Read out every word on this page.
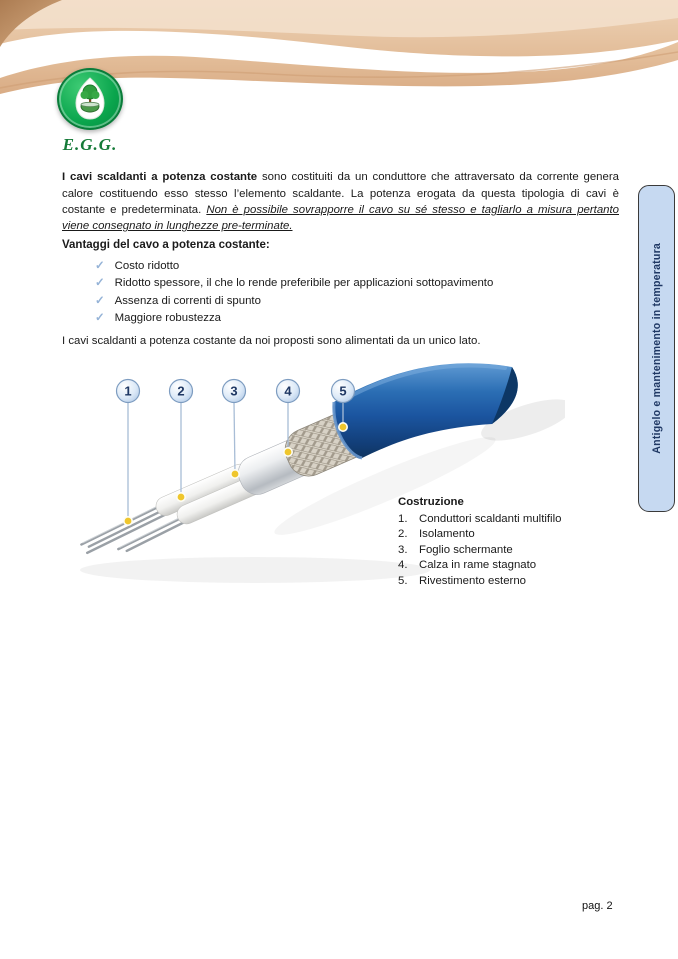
E.G.G.

I cavi scaldanti a potenza costante sono costituiti da un conduttore che attraversato da corrente genera calore costituendo esso stesso l’elemento scaldante. La potenza erogata da questa tipologia di cavi è costante e predeterminata. Non è possibile sovrapporre il cavo su sé stesso e tagliarlo a misura pertanto viene consegnato in lunghezze pre-terminate.

Vantaggi del cavo a potenza costante:
✓ Costo ridotto
✓ Ridotto spessore, il che lo rende preferibile per applicazioni sottopavimento
✓ Assenza di correnti di spunto
✓ Maggiore robustezza
I cavi scaldanti a potenza costante da noi proposti sono alimentati da un unico lato.
1	2	3	4	5
Costruzione
Conduttori scaldanti multifilo
Isolamento
Foglio schermante
Calza in rame stagnato
Rivestimento esterno
Antigelo e mantenimento in temperatura
pag. 2
